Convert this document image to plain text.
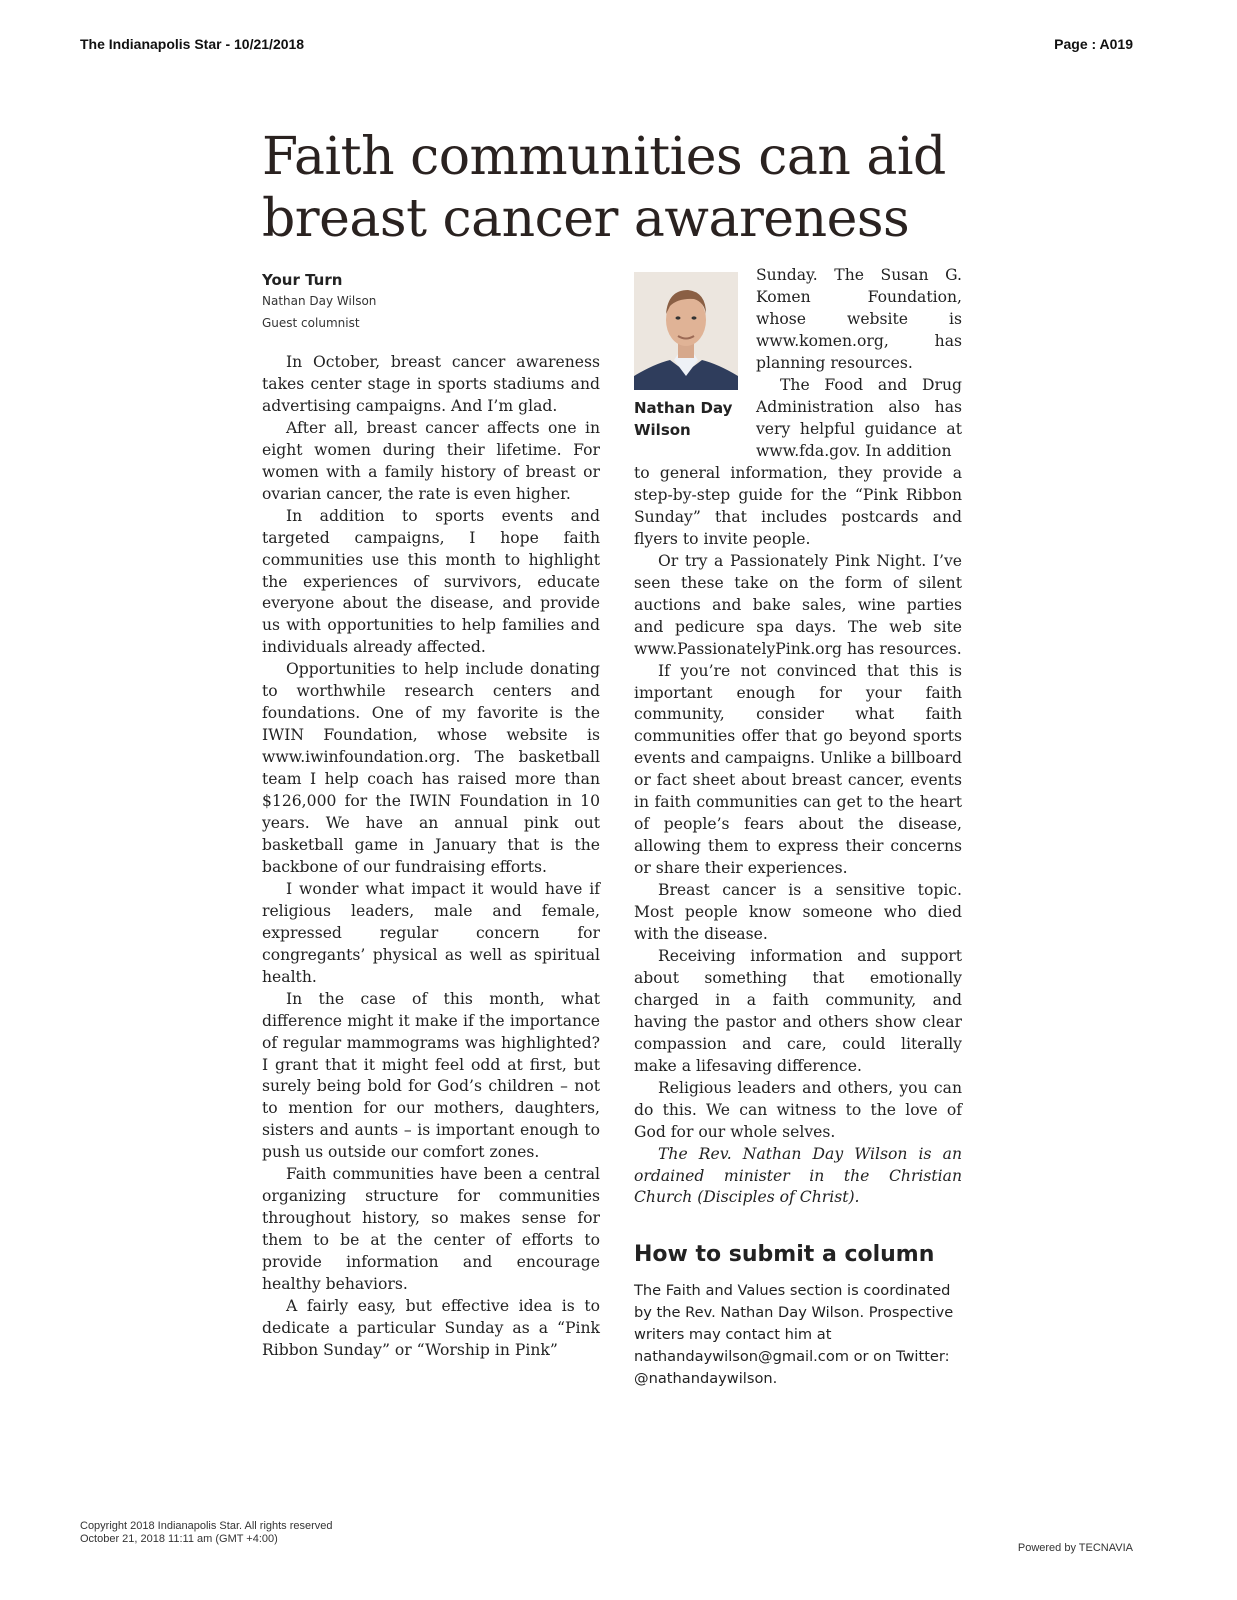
The Indianapolis Star - 10/21/2018	Page : A019
Faith communities can aid breast cancer awareness
Your Turn
Nathan Day Wilson
Guest columnist

In October, breast cancer awareness takes center stage in sports stadiums and advertising campaigns. And I’m glad.

After all, breast cancer affects one in eight women during their lifetime. For women with a family history of breast or ovarian cancer, the rate is even higher.

In addition to sports events and targeted campaigns, I hope faith communities use this month to highlight the experiences of survivors, educate everyone about the disease, and provide us with opportunities to help families and individuals already affected.

Opportunities to help include donating to worthwhile research centers and foundations. One of my favorite is the IWIN Foundation, whose website is www.iwinfoundation.org. The basketball team I help coach has raised more than $126,000 for the IWIN Foundation in 10 years. We have an annual pink out basketball game in January that is the backbone of our fundraising efforts.

I wonder what impact it would have if religious leaders, male and female, expressed regular concern for congregants’ physical as well as spiritual health.

In the case of this month, what difference might it make if the importance of regular mammograms was highlighted? I grant that it might feel odd at first, but surely being bold for God’s children – not to mention for our mothers, daughters, sisters and aunts – is important enough to push us outside our comfort zones.

Faith communities have been a central organizing structure for communities throughout history, so makes sense for them to be at the center of efforts to provide information and encourage healthy behaviors.

A fairly easy, but effective idea is to dedicate a particular Sunday as a “Pink Ribbon Sunday” or “Worship in Pink”

Nathan Day
Wilson

Sunday. The Susan G. Komen Foundation, whose website is www.komen.org, has planning resources.

The Food and Drug Administration also has very helpful guidance at www.fda.gov. In addition

to general information, they provide a step-by-step guide for the “Pink Ribbon Sunday” that includes postcards and flyers to invite people.

Or try a Passionately Pink Night. I’ve seen these take on the form of silent auctions and bake sales, wine parties and pedicure spa days. The web site www.PassionatelyPink.org has resources.

If you’re not convinced that this is important enough for your faith community, consider what faith communities offer that go beyond sports events and campaigns. Unlike a billboard or fact sheet about breast cancer, events in faith communities can get to the heart of people’s fears about the disease, allowing them to express their concerns or share their experiences.

Breast cancer is a sensitive topic. Most people know someone who died with the disease.

Receiving information and support about something that emotionally charged in a faith community, and having the pastor and others show clear compassion and care, could literally make a lifesaving difference.

Religious leaders and others, you can do this. We can witness to the love of God for our whole selves.

The Rev. Nathan Day Wilson is an ordained minister in the Christian Church (Disciples of Christ).

How to submit a column
The Faith and Values section is coordinated by the Rev. Nathan Day Wilson. Prospective writers may contact him at nathandaywilson@gmail.com or on Twitter: @nathandaywilson.
Copyright 2018 Indianapolis Star. All rights reserved
October 21, 2018 11:11 am (GMT +4:00)
Powered by TECNAVIA
